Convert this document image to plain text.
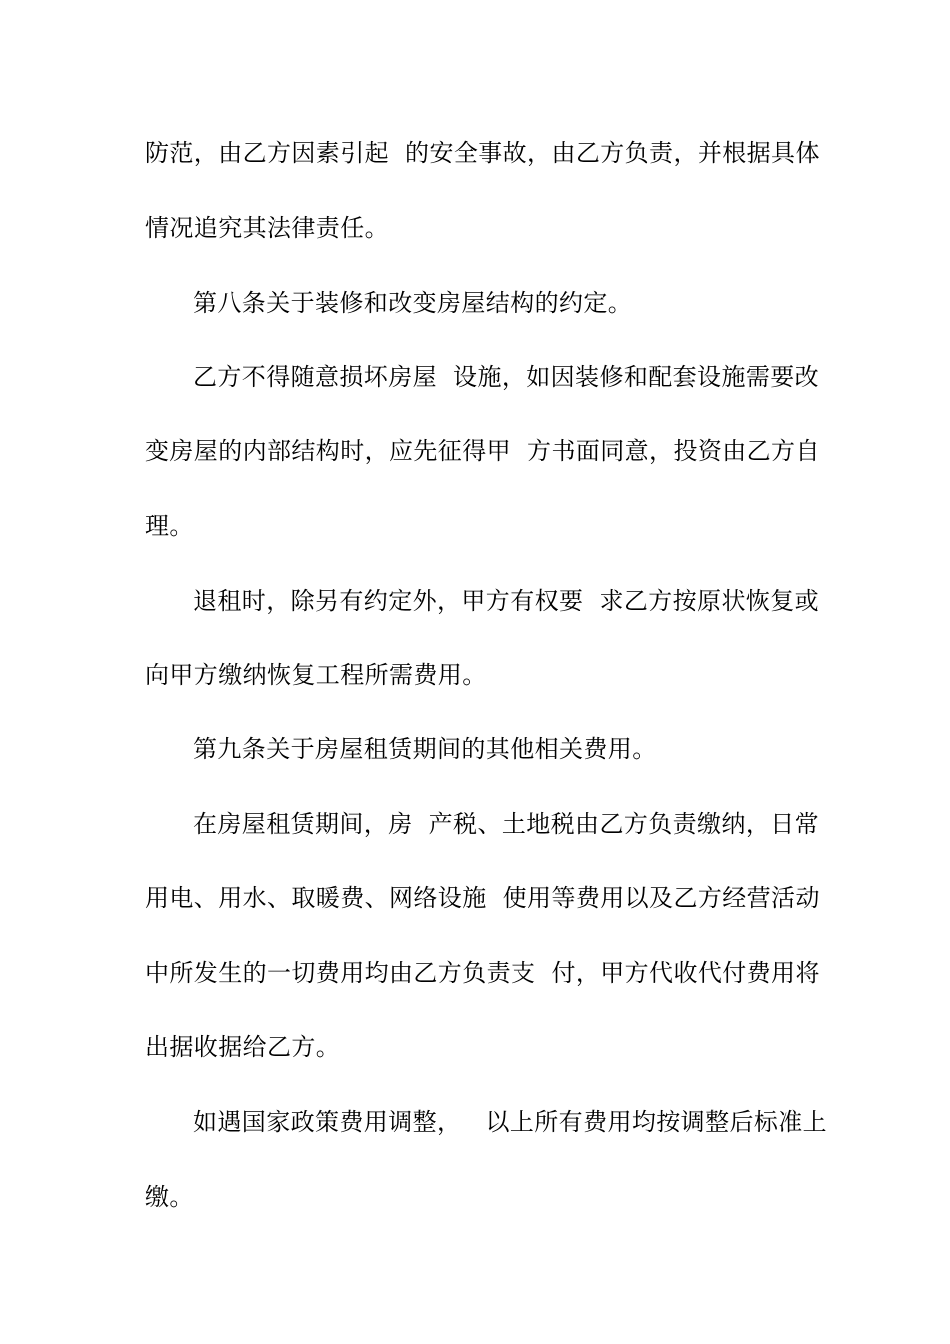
防范，由乙方因素引起  的安全事故，由乙方负责，并根据具体
情况追究其法律责任。
第八条关于装修和改变房屋结构的约定。
乙方不得随意损坏房屋  设施，如因装修和配套设施需要改
变房屋的内部结构时，应先征得甲  方书面同意，投资由乙方自
理。
退租时，除另有约定外，甲方有权要  求乙方按原状恢复或
向甲方缴纳恢复工程所需费用。
第九条关于房屋租赁期间的其他相关费用。
在房屋租赁期间，房  产税、土地税由乙方负责缴纳，日常
用电、用水、取暖费、网络设施  使用等费用以及乙方经营活动
中所发生的一切费用均由乙方负责支  付，甲方代收代付费用将
出据收据给乙方。
如遇国家政策费用调整，   以上所有费用均按调整后标准上
缴。
